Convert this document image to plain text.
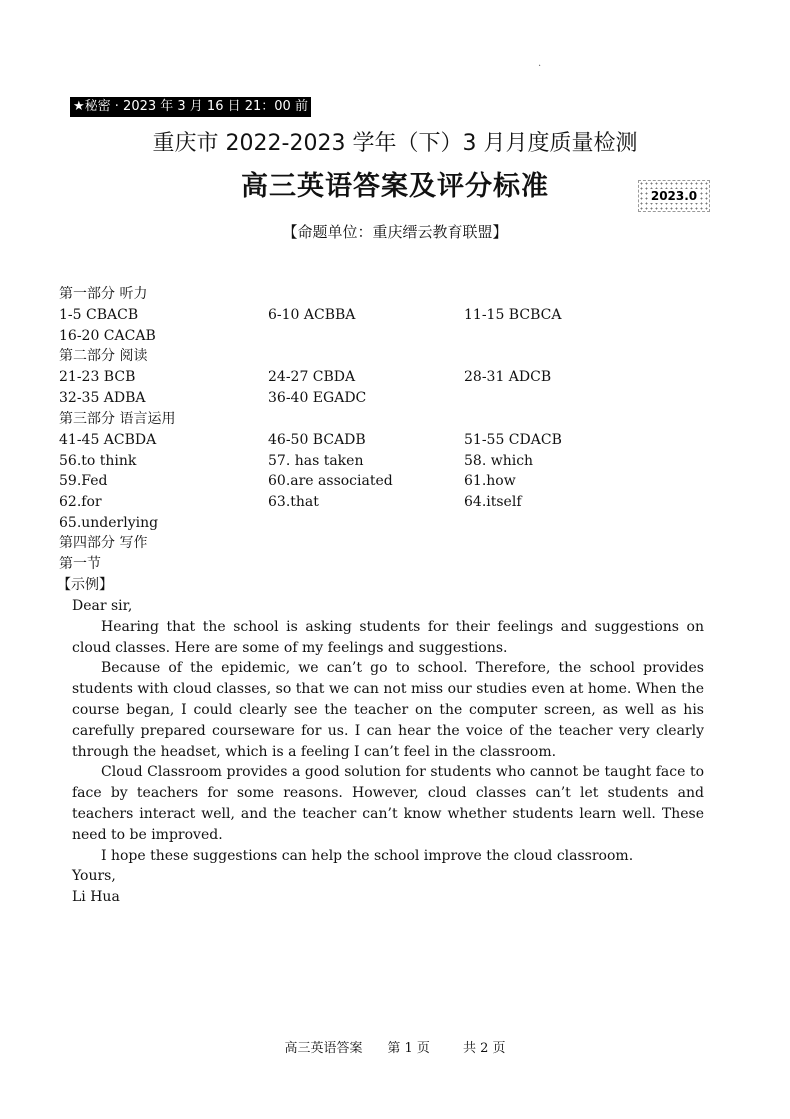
.
★秘密 · 2023 年 3 月 16 日 21：00 前
重庆市 2022-2023 学年（下）3 月月度质量检测
高三英语答案及评分标准	2023.0
【命题单位：重庆缙云教育联盟】
第一部分 听力
1-5 CBACB	6-10 ACBBA	11-15 BCBCA
16-20 CACAB
第二部分 阅读
21-23 BCB	24-27 CBDA	28-31 ADCB
32-35 ADBA	36-40 EGADC
第三部分 语言运用
41-45 ACBDA	46-50 BCADB	51-55 CDACB
56.to think	57. has taken	58. which
59.Fed	60.are associated	61.how
62.for	63.that	64.itself
65.underlying
第四部分 写作
第一节
【示例】

Dear sir,

Hearing that the school is asking students for their feelings and suggestions on cloud classes. Here are some of my feelings and suggestions.

Because of the epidemic, we can’t go to school. Therefore, the school provides students with cloud classes, so that we can not miss our studies even at home. When the course began, I could clearly see the teacher on the computer screen, as well as his carefully prepared courseware for us. I can hear the voice of the teacher very clearly through the headset, which is a feeling I can’t feel in the classroom.

Cloud Classroom provides a good solution for students who cannot be taught face to face by teachers for some reasons. However, cloud classes can’t let students and teachers interact well, and the teacher can’t know whether students learn well. These need to be improved.

I hope these suggestions can help the school improve the cloud classroom.

Yours,

Li Hua

高三英语答案 第 1 页	共 2 页
